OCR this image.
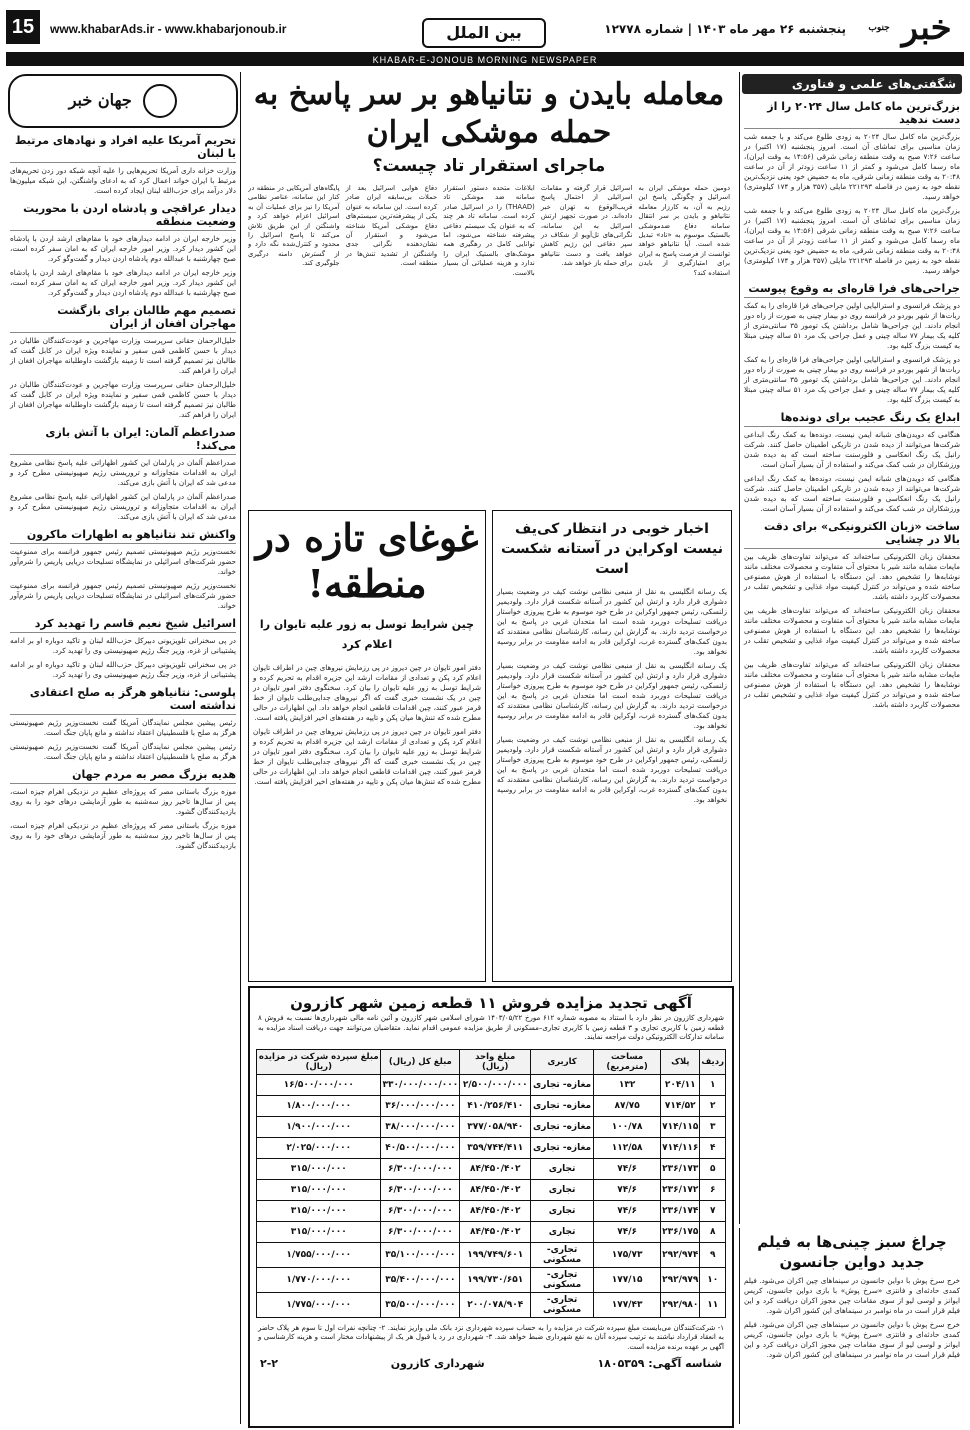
15	www.khabarAds.ir - www.khabarjonoub.ir	بین الملل	پنجشنبه ۲۶ مهر ماه ۱۴۰۳ | شماره ۱۲۷۷۸	خبر $^{جنوب}$
KHABAR-E-JONOUB MORNING NEWSPAPER
شگفتی‌های علمی و فناوری
بزرگ‌ترین ماه کامل سال ۲۰۲۴ را از دست ندهید
بزرگ‌ترین ماه کامل سال ۲۰۲۴ به زودی طلوع می‌کند و با جمعه شب زمان مناسبی برای تماشای آن است. امروز پنجشنبه (۱۷ اکتبر) در ساعت ۷:۲۶ صبح به وقت منطقه زمانی شرقی (۱۴:۵۶ به وقت ایران)، ماه رسما کامل می‌شود و کمتر از ۱۱ ساعت زودتر از آن در ساعت ۲۰:۴۸ به وقت منطقه زمانی شرقی، ماه به حضیض خود یعنی نزدیک‌ترین نقطه خود به زمین در فاصله ۲۲۱۲۹۳ مایلی (۳۵۷ هزار و ۱۷۴ کیلومتری) خواهد رسید.
بزرگ‌ترین ماه کامل سال ۲۰۲۴ به زودی طلوع می‌کند و با جمعه شب زمان مناسبی برای تماشای آن است. امروز پنجشنبه (۱۷ اکتبر) در ساعت ۷:۲۶ صبح به وقت منطقه زمانی شرقی (۱۴:۵۶ به وقت ایران)، ماه رسما کامل می‌شود و کمتر از ۱۱ ساعت زودتر از آن در ساعت ۲۰:۴۸ به وقت منطقه زمانی شرقی، ماه به حضیض خود یعنی نزدیک‌ترین نقطه خود به زمین در فاصله ۲۲۱۲۹۳ مایلی (۳۵۷ هزار و ۱۷۴ کیلومتری) خواهد رسید.
جراحی‌های فرا قاره‌ای به وقوع پیوست
دو پزشک فرانسوی و استرالیایی اولین جراحی‌های فرا قاره‌ای را به کمک ربات‌ها از شهر بوردو در فرانسه روی دو بیمار چینی به صورت از راه دور انجام دادند. این جراحی‌ها شامل برداشتن یک تومور ۳۵ سانتی‌متری از کلیه یک بیمار ۷۷ ساله چینی و عمل جراحی یک مرد ۵۱ ساله چینی مبتلا به کیست بزرگ کلیه بود.
دو پزشک فرانسوی و استرالیایی اولین جراحی‌های فرا قاره‌ای را به کمک ربات‌ها از شهر بوردو در فرانسه روی دو بیمار چینی به صورت از راه دور انجام دادند. این جراحی‌ها شامل برداشتن یک تومور ۳۵ سانتی‌متری از کلیه یک بیمار ۷۷ ساله چینی و عمل جراحی یک مرد ۵۱ ساله چینی مبتلا به کیست بزرگ کلیه بود.
ابداع یک رنگ عجیب برای دونده‌ها
هنگامی که دویدن‌های شبانه ایمن نیست، دونده‌ها به کمک رنگ ابداعی شرکت‌ها می‌توانند از دیده شدن در تاریکی اطمینان حاصل کنند. شرکت رانبل یک رنگ انعکاسی و فلورسنت ساخته است که به دیده شدن ورزشکاران در شب کمک می‌کند و استفاده از آن بسیار آسان است.
هنگامی که دویدن‌های شبانه ایمن نیست، دونده‌ها به کمک رنگ ابداعی شرکت‌ها می‌توانند از دیده شدن در تاریکی اطمینان حاصل کنند. شرکت رانبل یک رنگ انعکاسی و فلورسنت ساخته است که به دیده شدن ورزشکاران در شب کمک می‌کند و استفاده از آن بسیار آسان است.
ساخت «زبان الکترونیکی» برای دقت بالا در چشایی
محققان زبان الکترونیکی ساخته‌اند که می‌تواند تفاوت‌های ظریف بین مایعات مشابه مانند شیر با محتوای آب متفاوت و محصولات مختلف مانند نوشابه‌ها را تشخیص دهد. این دستگاه با استفاده از هوش مصنوعی ساخته شده و می‌تواند در کنترل کیفیت مواد غذایی و تشخیص تقلب در محصولات کاربرد داشته باشد.
محققان زبان الکترونیکی ساخته‌اند که می‌تواند تفاوت‌های ظریف بین مایعات مشابه مانند شیر با محتوای آب متفاوت و محصولات مختلف مانند نوشابه‌ها را تشخیص دهد. این دستگاه با استفاده از هوش مصنوعی ساخته شده و می‌تواند در کنترل کیفیت مواد غذایی و تشخیص تقلب در محصولات کاربرد داشته باشد.
محققان زبان الکترونیکی ساخته‌اند که می‌تواند تفاوت‌های ظریف بین مایعات مشابه مانند شیر با محتوای آب متفاوت و محصولات مختلف مانند نوشابه‌ها را تشخیص دهد. این دستگاه با استفاده از هوش مصنوعی ساخته شده و می‌تواند در کنترل کیفیت مواد غذایی و تشخیص تقلب در محصولات کاربرد داشته باشد.
چراغ سبز چینی‌ها به فیلم جدید دواین جانسون
خرج سرخ پوش با دواین جانسون در سینماهای چین اکران می‌شود. فیلم کمدی حادثه‌ای و فانتزی «سرخ پوش» با بازی دواین جانسون، کریس ایوانز و لوسی لیو از سوی مقامات چین مجوز اکران دریافت کرد و این فیلم قرار است در ماه نوامبر در سینماهای این کشور اکران شود.
خرج سرخ پوش با دواین جانسون در سینماهای چین اکران می‌شود. فیلم کمدی حادثه‌ای و فانتزی «سرخ پوش» با بازی دواین جانسون، کریس ایوانز و لوسی لیو از سوی مقامات چین مجوز اکران دریافت کرد و این فیلم قرار است در ماه نوامبر در سینماهای این کشور اکران شود.
معامله بایدن و نتانیاهو بر سر پاسخ به حمله موشکی ایران
ماجرای استقرار تاد چیست؟
دومین حمله موشکی ایران به اسرائیل و چگونگی پاسخ این رژیم به آن، به کارزار معامله نتانیاهو و بایدن بر سر انتقال سامانه دفاع ضدموشکی بالستیک موسوم به «تاد» تبدیل شده است. آیا نتانیاهو خواهد توانست از فرصت پاسخ به ایران برای امتیازگیری از بایدن استفاده کند؟
اسرائیل قرار گرفته و مقامات اسرائیلی از احتمال پاسخ قریب‌الوقوع به تهران خبر داده‌اند. در صورت تجهیز ارتش اسرائیل به این سامانه، نگرانی‌های تل‌آویو از شکاف در سپر دفاعی این رژیم کاهش خواهد یافت و دست نتانیاهو برای حمله باز خواهد شد.
ابلاغات متحده دستور استقرار سامانه ضد موشکی تاد (THAAD) را در اسرائیل صادر کرده است. سامانه تاد هر چند که به عنوان یک سیستم دفاعی پیشرفته شناخته می‌شود، اما توانایی کامل در رهگیری همه موشک‌های بالستیک ایران را ندارد و هزینه عملیاتی آن بسیار بالاست.
دفاع هوایی اسرائیل بعد از حملات بی‌سابقه ایران صادر کرده است. این سامانه به عنوان یکی از پیشرفته‌ترین سیستم‌های دفاع موشکی آمریکا شناخته می‌شود و استقرار آن نشان‌دهنده نگرانی جدی واشنگتن از تشدید تنش‌ها در منطقه است.
پایگاه‌های آمریکایی در منطقه در کنار این سامانه، عناصر نظامی آمریکا را نیز برای عملیات آن به اسرائیل اعزام خواهد کرد و واشنگتن از این طریق تلاش می‌کند تا پاسخ اسرائیل را محدود و کنترل‌شده نگه دارد و از گسترش دامنه درگیری جلوگیری کند.
اخبار خوبی در انتظار کی‌یف نیست اوکراین در آستانه شکست است
یک رسانه انگلیسی به نقل از منبعی نظامی نوشت کیف در وضعیت بسیار دشواری قرار دارد و ارتش این کشور در آستانه شکست قرار دارد. ولودیمیر زلنسکی، رئیس جمهور اوکراین در طرح خود موسوم به طرح پیروزی خواستار دریافت تسلیحات دوربرد شده است اما متحدان غربی در پاسخ به این درخواست تردید دارند. به گزارش این رسانه، کارشناسان نظامی معتقدند که بدون کمک‌های گسترده غرب، اوکراین قادر به ادامه مقاومت در برابر روسیه نخواهد بود.
یک رسانه انگلیسی به نقل از منبعی نظامی نوشت کیف در وضعیت بسیار دشواری قرار دارد و ارتش این کشور در آستانه شکست قرار دارد. ولودیمیر زلنسکی، رئیس جمهور اوکراین در طرح خود موسوم به طرح پیروزی خواستار دریافت تسلیحات دوربرد شده است اما متحدان غربی در پاسخ به این درخواست تردید دارند. به گزارش این رسانه، کارشناسان نظامی معتقدند که بدون کمک‌های گسترده غرب، اوکراین قادر به ادامه مقاومت در برابر روسیه نخواهد بود.
یک رسانه انگلیسی به نقل از منبعی نظامی نوشت کیف در وضعیت بسیار دشواری قرار دارد و ارتش این کشور در آستانه شکست قرار دارد. ولودیمیر زلنسکی، رئیس جمهور اوکراین در طرح خود موسوم به طرح پیروزی خواستار دریافت تسلیحات دوربرد شده است اما متحدان غربی در پاسخ به این درخواست تردید دارند. به گزارش این رسانه، کارشناسان نظامی معتقدند که بدون کمک‌های گسترده غرب، اوکراین قادر به ادامه مقاومت در برابر روسیه نخواهد بود.
غوغای تازه در منطقه!
چین شرایط توسل به زور علیه تایوان را اعلام کرد
دفتر امور تایوان در چین دیروز در پی رزمایش نیروهای چین در اطراف تایوان اعلام کرد پکن و تعدادی از مقامات ارشد این جزیره اقدام به تحریم کرده و شرایط توسل به زور علیه تایوان را بیان کرد. سخنگوی دفتر امور تایوان در چین در یک نشست خبری گفت که اگر نیروهای جدایی‌طلب تایوان از خط قرمز عبور کنند، چین اقدامات قاطعی انجام خواهد داد. این اظهارات در حالی مطرح شده که تنش‌ها میان پکن و تایپه در هفته‌های اخیر افزایش یافته است.
دفتر امور تایوان در چین دیروز در پی رزمایش نیروهای چین در اطراف تایوان اعلام کرد پکن و تعدادی از مقامات ارشد این جزیره اقدام به تحریم کرده و شرایط توسل به زور علیه تایوان را بیان کرد. سخنگوی دفتر امور تایوان در چین در یک نشست خبری گفت که اگر نیروهای جدایی‌طلب تایوان از خط قرمز عبور کنند، چین اقدامات قاطعی انجام خواهد داد. این اظهارات در حالی مطرح شده که تنش‌ها میان پکن و تایپه در هفته‌های اخیر افزایش یافته است.
آگهی تجدید مزایده فروش ۱۱ قطعه زمین شهر کازرون
شهرداری کازرون در نظر دارد با استناد به مصوبه شماره ۶۱۲ مورخ ۱۴۰۳/۰۵/۲۲ شورای اسلامی شهر کازرون و آئین نامه مالی شهرداری‌ها نسبت به فروش ۸ قطعه زمین با کاربری تجاری و ۳ قطعه زمین با کاربری تجاری–مسکونی از طریق مزایده عمومی اقدام نماید. متقاضیان می‌توانند جهت دریافت اسناد مزایده به سامانه تدارکات الکترونیکی دولت مراجعه نمایند.
ردیف	پلاک	مساحت (مترمربع)	کاربری	مبلغ واحد (ریال)	مبلغ کل (ریال)	مبلغ سپرده شرکت در مزایده (ریال)
۱	۲۰۴/۱۱	۱۳۲	مغازه- تجاری	۲/۵۰۰/۰۰۰/۰۰۰	۳۳۰/۰۰۰/۰۰۰/۰۰۰	۱۶/۵۰۰/۰۰۰/۰۰۰
۲	۷۱۴/۵۲	۸۷/۷۵	مغازه- تجاری	۴۱۰/۲۵۶/۴۱۰	۳۶/۰۰۰/۰۰۰/۰۰۰	۱/۸۰۰/۰۰۰/۰۰۰
۳	۷۱۴/۱۱۵	۱۰۰/۷۸	مغازه- تجاری	۳۷۷/۰۵۸/۹۴۰	۳۸/۰۰۰/۰۰۰/۰۰۰	۱/۹۰۰/۰۰۰/۰۰۰
۴	۷۱۴/۱۱۶	۱۱۲/۵۸	مغازه- تجاری	۳۵۹/۷۴۴/۴۱۱	۴۰/۵۰۰/۰۰۰/۰۰۰	۲/۰۲۵/۰۰۰/۰۰۰
۵	۲۳۶/۱۷۳	۷۴/۶	تجاری	۸۴/۴۵۰/۴۰۲	۶/۳۰۰/۰۰۰/۰۰۰	۳۱۵/۰۰۰/۰۰۰
۶	۲۳۶/۱۷۲	۷۴/۶	تجاری	۸۴/۴۵۰/۴۰۲	۶/۳۰۰/۰۰۰/۰۰۰	۳۱۵/۰۰۰/۰۰۰
۷	۲۳۶/۱۷۴	۷۴/۶	تجاری	۸۴/۴۵۰/۴۰۲	۶/۳۰۰/۰۰۰/۰۰۰	۳۱۵/۰۰۰/۰۰۰
۸	۲۳۶/۱۷۵	۷۴/۶	تجاری	۸۴/۴۵۰/۴۰۲	۶/۳۰۰/۰۰۰/۰۰۰	۳۱۵/۰۰۰/۰۰۰
۹	۲۹۲/۹۷۴	۱۷۵/۷۳	تجاری- مسکونی	۱۹۹/۷۴۹/۶۰۱	۳۵/۱۰۰/۰۰۰/۰۰۰	۱/۷۵۵/۰۰۰/۰۰۰
۱۰	۲۹۲/۹۷۹	۱۷۷/۱۵	تجاری- مسکونی	۱۹۹/۷۳۰/۶۵۱	۳۵/۴۰۰/۰۰۰/۰۰۰	۱/۷۷۰/۰۰۰/۰۰۰
۱۱	۲۹۲/۹۸۰	۱۷۷/۴۳	تجاری- مسکونی	۲۰۰/۰۷۸/۹۰۴	۳۵/۵۰۰/۰۰۰/۰۰۰	۱/۷۷۵/۰۰۰/۰۰۰
۱- شرکت‌کنندگان می‌بایست مبلغ سپرده شرکت در مزایده را به حساب سپرده شهرداری نزد بانک ملی واریز نمایند. ۲- چنانچه نفرات اول تا سوم هر پلاک حاضر به انعقاد قرارداد نباشند به ترتیب سپرده آنان به نفع شهرداری ضبط خواهد شد. ۳- شهرداری در رد یا قبول هر یک از پیشنهادات مختار است و هزینه کارشناسی و آگهی بر عهده برنده مزایده است.
شناسه آگهی: ۱۸۰۵۳۵۹
شهرداری کازرون
۲-۲
جهان خبر
تحریم آمریکا علیه افراد و نهادهای مرتبط با لبنان
وزارت خزانه داری آمریکا تحریم‌هایی را علیه آنچه شبکه دور زدن تحریم‌های مرتبط با ایران خواند اعمال کرد که به ادعای واشنگتن، این شبکه میلیون‌ها دلار درآمد برای حزب‌الله لبنان ایجاد کرده است.
دیدار عراقچی و پادشاه اردن با محوریت وضعیت منطقه
وزیر خارجه ایران در ادامه دیدارهای خود با مقام‌های ارشد اردن با پادشاه این کشور دیدار کرد. وزیر امور خارجه ایران که به امان سفر کرده است، صبح چهارشنبه با عبدالله دوم پادشاه اردن دیدار و گفت‌وگو کرد.
وزیر خارجه ایران در ادامه دیدارهای خود با مقام‌های ارشد اردن با پادشاه این کشور دیدار کرد. وزیر امور خارجه ایران که به امان سفر کرده است، صبح چهارشنبه با عبدالله دوم پادشاه اردن دیدار و گفت‌وگو کرد.
تصمیم مهم طالبان برای بازگشت مهاجران افغان از ایران
خلیل‌الرحمان حقانی سرپرست وزارت مهاجرین و عودت‌کنندگان طالبان در دیدار با حسن کاظمی قمی سفیر و نماینده ویژه ایران در کابل گفت که طالبان نیز تصمیم گرفته است تا زمینه بازگشت داوطلبانه مهاجران افغان از ایران را فراهم کند.
خلیل‌الرحمان حقانی سرپرست وزارت مهاجرین و عودت‌کنندگان طالبان در دیدار با حسن کاظمی قمی سفیر و نماینده ویژه ایران در کابل گفت که طالبان نیز تصمیم گرفته است تا زمینه بازگشت داوطلبانه مهاجران افغان از ایران را فراهم کند.
صدراعظم آلمان: ایران با آتش بازی می‌کند!
صدراعظم آلمان در پارلمان این کشور اظهاراتی علیه پاسخ نظامی مشروع ایران به اقدامات متجاوزانه و تروریستی رژیم صهیونیستی مطرح کرد و مدعی شد که ایران با آتش بازی می‌کند.
صدراعظم آلمان در پارلمان این کشور اظهاراتی علیه پاسخ نظامی مشروع ایران به اقدامات متجاوزانه و تروریستی رژیم صهیونیستی مطرح کرد و مدعی شد که ایران با آتش بازی می‌کند.
واکنش تند نتانیاهو به اظهارات ماکرون
نخست‌وزیر رژیم صهیونیستی تصمیم رئیس جمهور فرانسه برای ممنوعیت حضور شرکت‌های اسرائیلی در نمایشگاه تسلیحات دریایی پاریس را شرم‌آور خواند.
نخست‌وزیر رژیم صهیونیستی تصمیم رئیس جمهور فرانسه برای ممنوعیت حضور شرکت‌های اسرائیلی در نمایشگاه تسلیحات دریایی پاریس را شرم‌آور خواند.
اسرائیل شیخ نعیم قاسم را تهدید کرد
در پی سخنرانی تلویزیونی دبیرکل حزب‌الله لبنان و تاکید دوباره او بر ادامه پشتیبانی از غزه، وزیر جنگ رژیم صهیونیستی وی را تهدید کرد.
در پی سخنرانی تلویزیونی دبیرکل حزب‌الله لبنان و تاکید دوباره او بر ادامه پشتیبانی از غزه، وزیر جنگ رژیم صهیونیستی وی را تهدید کرد.
پلوسی: نتانیاهو هرگز به صلح اعتقادی نداشته است
رئیس پیشین مجلس نمایندگان آمریکا گفت نخست‌وزیر رژیم صهیونیستی هرگز به صلح با فلسطینیان اعتقاد نداشته و مانع پایان جنگ است.
رئیس پیشین مجلس نمایندگان آمریکا گفت نخست‌وزیر رژیم صهیونیستی هرگز به صلح با فلسطینیان اعتقاد نداشته و مانع پایان جنگ است.
هدیه بزرگ مصر به مردم جهان
موزه بزرگ باستانی مصر که پروژه‌ای عظیم در نزدیکی اهرام جیزه است، پس از سال‌ها تاخیر روز سه‌شنبه به طور آزمایشی درهای خود را به روی بازدیدکنندگان گشود.
موزه بزرگ باستانی مصر که پروژه‌ای عظیم در نزدیکی اهرام جیزه است، پس از سال‌ها تاخیر روز سه‌شنبه به طور آزمایشی درهای خود را به روی بازدیدکنندگان گشود.
